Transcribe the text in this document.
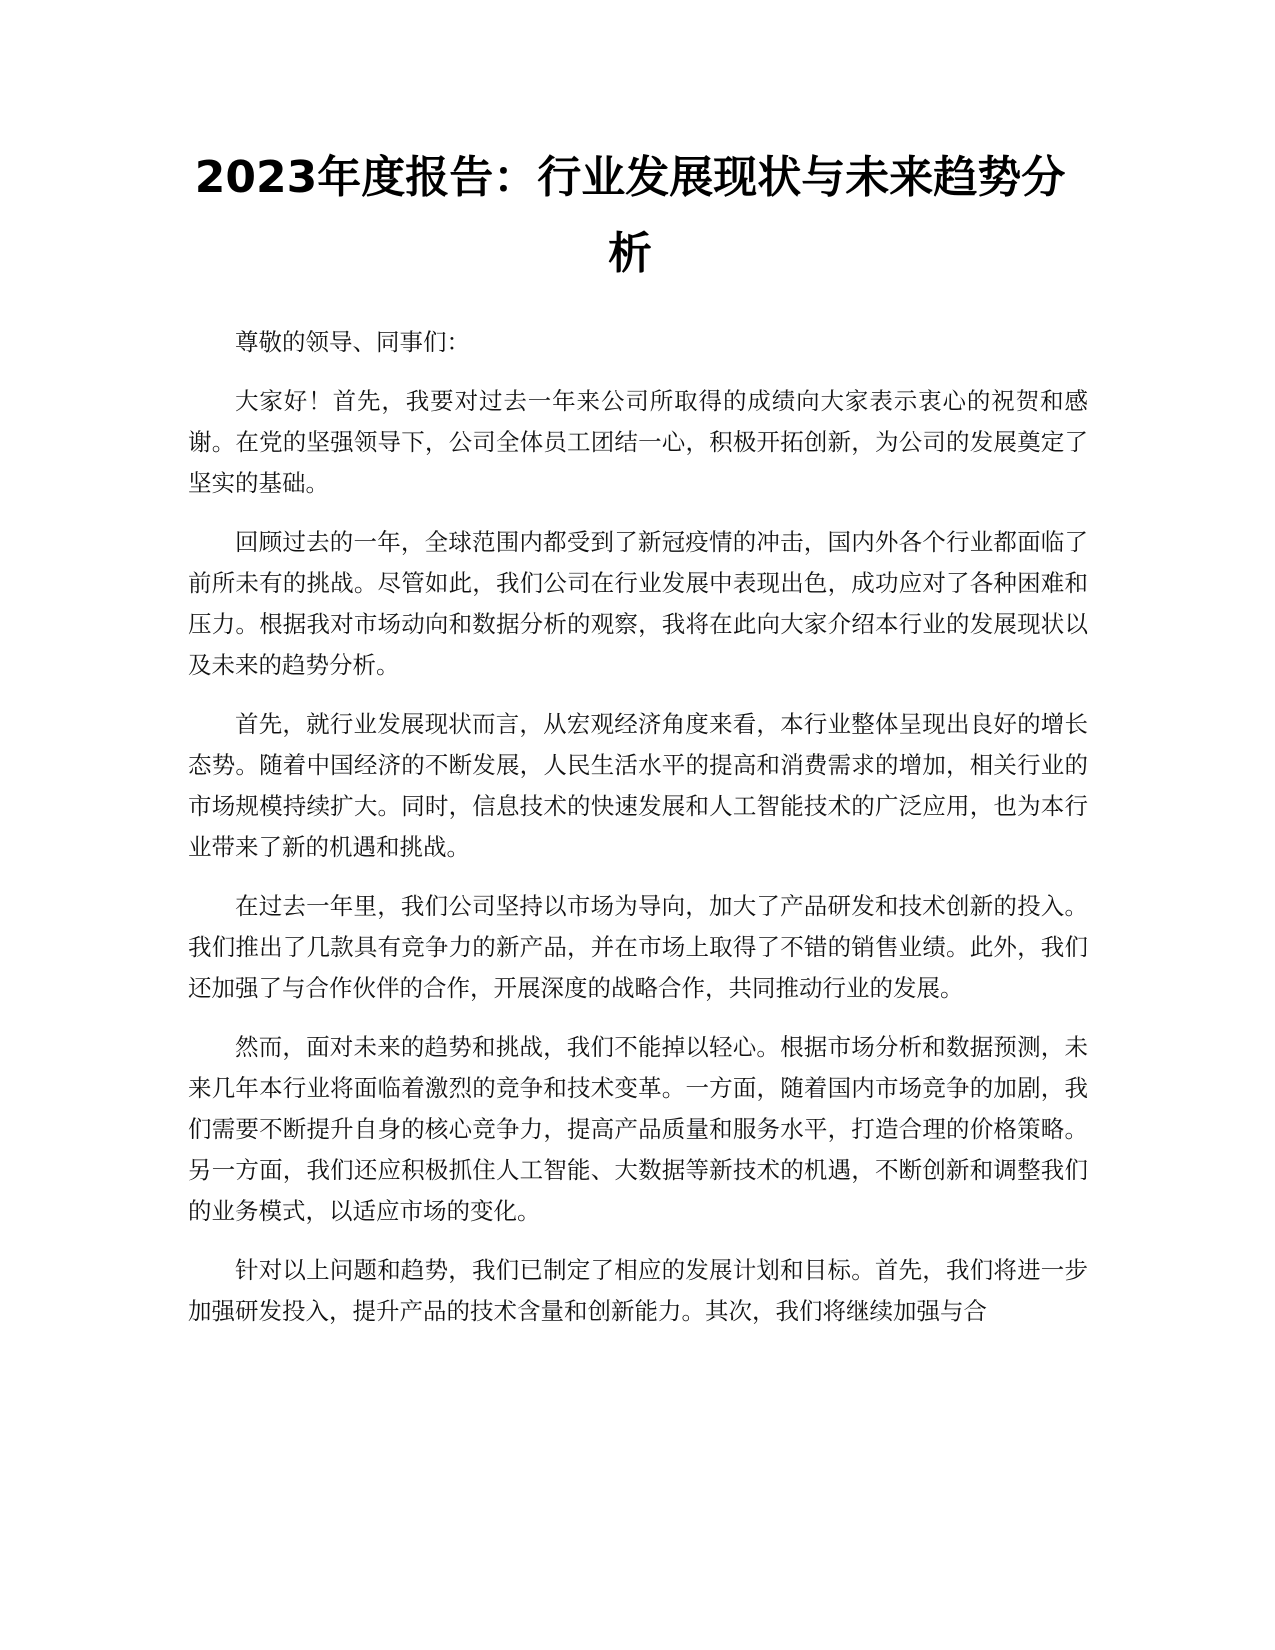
2023年度报告：行业发展现状与未来趋势分析

尊敬的领导、同事们：

大家好！首先，我要对过去一年来公司所取得的成绩向大家表示衷心的祝贺和感谢。在党的坚强领导下，公司全体员工团结一心，积极开拓创新，为公司的发展奠定了坚实的基础。

回顾过去的一年，全球范围内都受到了新冠疫情的冲击，国内外各个行业都面临了前所未有的挑战。尽管如此，我们公司在行业发展中表现出色，成功应对了各种困难和压力。根据我对市场动向和数据分析的观察，我将在此向大家介绍本行业的发展现状以及未来的趋势分析。

首先，就行业发展现状而言，从宏观经济角度来看，本行业整体呈现出良好的增长态势。随着中国经济的不断发展，人民生活水平的提高和消费需求的增加，相关行业的市场规模持续扩大。同时，信息技术的快速发展和人工智能技术的广泛应用，也为本行业带来了新的机遇和挑战。

在过去一年里，我们公司坚持以市场为导向，加大了产品研发和技术创新的投入。我们推出了几款具有竞争力的新产品，并在市场上取得了不错的销售业绩。此外，我们还加强了与合作伙伴的合作，开展深度的战略合作，共同推动行业的发展。

然而，面对未来的趋势和挑战，我们不能掉以轻心。根据市场分析和数据预测，未来几年本行业将面临着激烈的竞争和技术变革。一方面，随着国内市场竞争的加剧，我们需要不断提升自身的核心竞争力，提高产品质量和服务水平，打造合理的价格策略。另一方面，我们还应积极抓住人工智能、大数据等新技术的机遇，不断创新和调整我们的业务模式，以适应市场的变化。

针对以上问题和趋势，我们已制定了相应的发展计划和目标。首先，我们将进一步加强研发投入，提升产品的技术含量和创新能力。其次，我们将继续加强与合
